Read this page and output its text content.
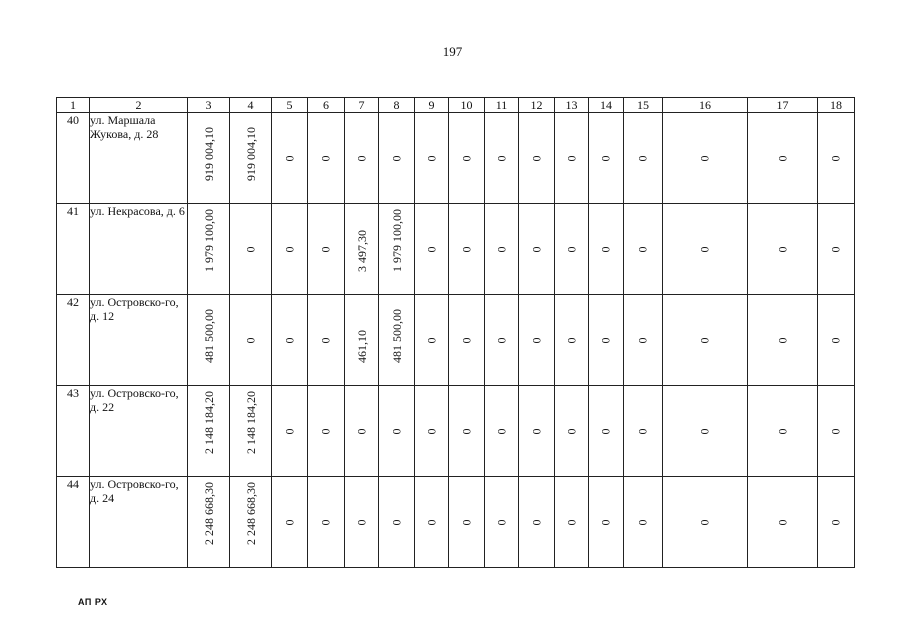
197
1	2	3	4	5	6	7	8	9	10	11	12	13	14	15	16	17	18
40	ул. Маршала Жукова, д. 28	919 004,10	919 004,10	0	0	0	0	0	0	0	0	0	0	0	0	0	0
41	ул. Некрасова, д. 6	1 979 100,00	0	0	0	3 497,30	1 979 100,00	0	0	0	0	0	0	0	0	0	0
42	ул. Островско-го, д. 12	481 500,00	0	0	0	461,10	481 500,00	0	0	0	0	0	0	0	0	0	0
43	ул. Островско-го, д. 22	2 148 184,20	2 148 184,20	0	0	0	0	0	0	0	0	0	0	0	0	0	0
44	ул. Островско-го, д. 24	2 248 668,30	2 248 668,30	0	0	0	0	0	0	0	0	0	0	0	0	0	0
АП РХ
